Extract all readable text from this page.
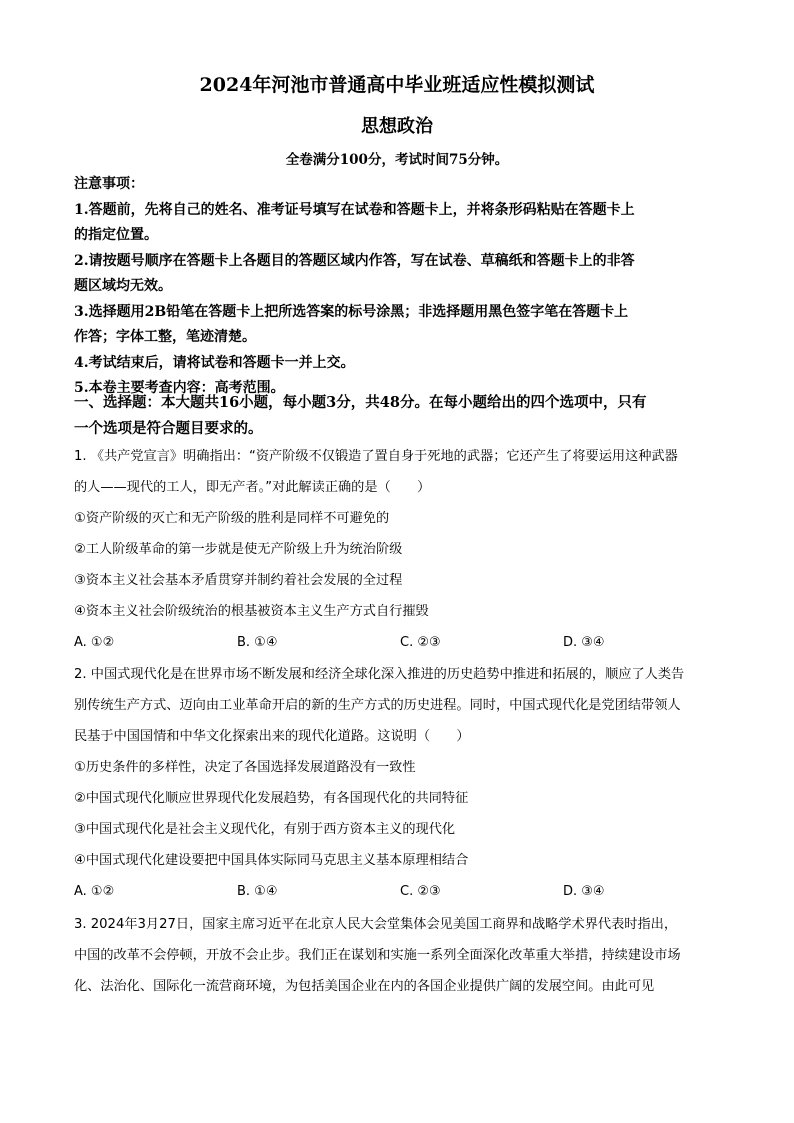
2024年河池市普通高中毕业班适应性模拟测试
思想政治
全卷满分100分，考试时间75分钟。
注意事项：
1.答题前，先将自己的姓名、准考证号填写在试卷和答题卡上，并将条形码粘贴在答题卡上
的指定位置。
2.请按题号顺序在答题卡上各题目的答题区域内作答，写在试卷、草稿纸和答题卡上的非答
题区域均无效。
3.选择题用2B铅笔在答题卡上把所选答案的标号涂黑；非选择题用黑色签字笔在答题卡上
作答；字体工整，笔迹清楚。
4.考试结束后，请将试卷和答题卡一并上交。
5.本卷主要考查内容：高考范围。
一、选择题：本大题共16小题，每小题3分，共48分。在每小题给出的四个选项中，只有
一个选项是符合题目要求的。
1. 《共产党宣言》明确指出：“资产阶级不仅锻造了置自身于死地的武器；它还产生了将要运用这种武器
的人——现代的工人，即无产者。”对此解读正确的是（　　）
①资产阶级的灭亡和无产阶级的胜利是同样不可避免的
②工人阶级革命的第一步就是使无产阶级上升为统治阶级
③资本主义社会基本矛盾贯穿并制约着社会发展的全过程
④资本主义社会阶级统治的根基被资本主义生产方式自行摧毁
A. ①②	B. ①④	C. ②③	D. ③④
2. 中国式现代化是在世界市场不断发展和经济全球化深入推进的历史趋势中推进和拓展的，顺应了人类告
别传统生产方式、迈向由工业革命开启的新的生产方式的历史进程。同时，中国式现代化是党团结带领人
民基于中国国情和中华文化探索出来的现代化道路。这说明（　　）
①历史条件的多样性，决定了各国选择发展道路没有一致性
②中国式现代化顺应世界现代化发展趋势，有各国现代化的共同特征
③中国式现代化是社会主义现代化，有别于西方资本主义的现代化
④中国式现代化建设要把中国具体实际同马克思主义基本原理相结合
A. ①②	B. ①④	C. ②③	D. ③④
3. 2024年3月27日，国家主席习近平在北京人民大会堂集体会见美国工商界和战略学术界代表时指出，
中国的改革不会停顿，开放不会止步。我们正在谋划和实施一系列全面深化改革重大举措，持续建设市场
化、法治化、国际化一流营商环境，为包括美国企业在内的各国企业提供广阔的发展空间。由此可见
